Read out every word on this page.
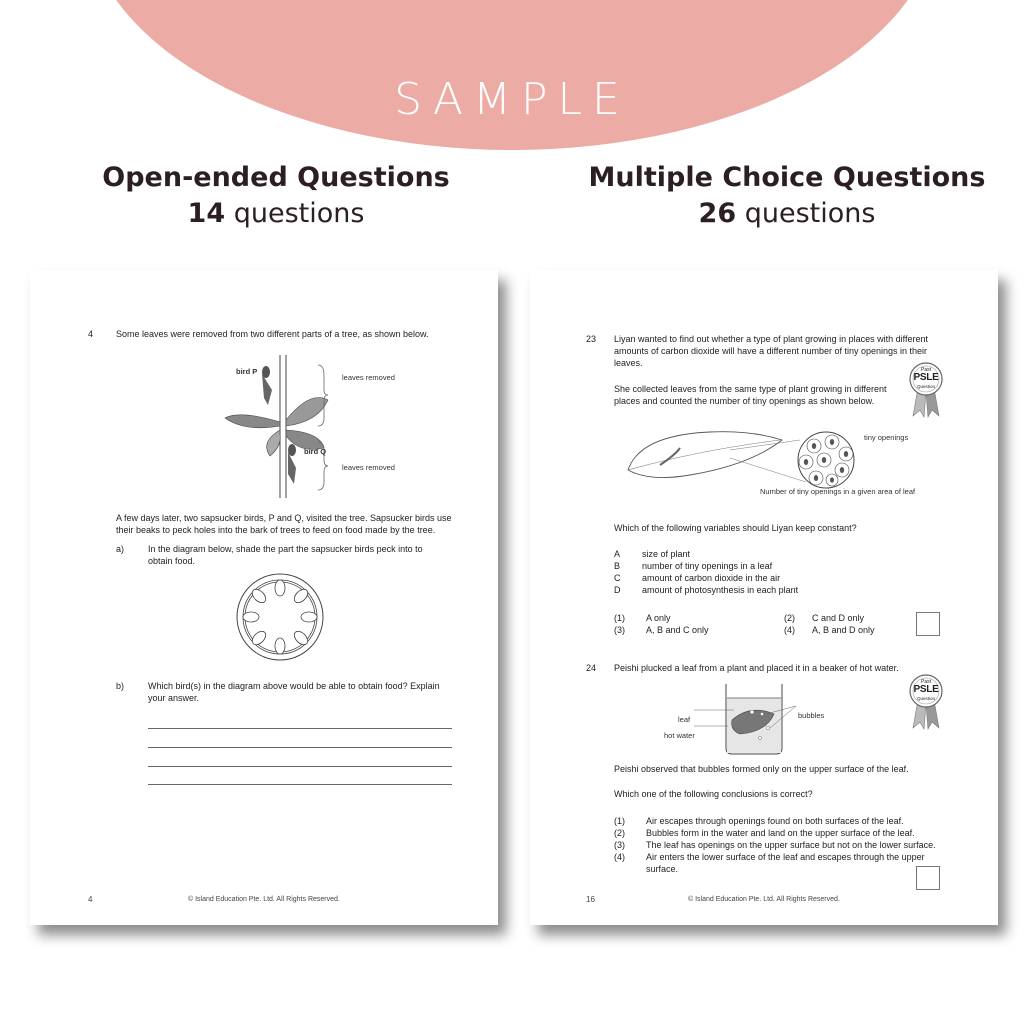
SAMPLE
Open-ended Questions
14 questions
Multiple Choice Questions
26 questions
4	Some leaves were removed from two different parts of a tree, as shown below.
bird P
bird Q
leaves removed
leaves removed
A few days later, two sapsucker birds, P and Q, visited the tree. Sapsucker birds use
their beaks to peck holes into the bark of trees to feed on food made by the tree.
a)	In the diagram below, shade the part the sapsucker birds peck into to
obtain food.
b)	Which bird(s) in the diagram above would be able to obtain food? Explain
your answer.
4	© Island Education Pte. Ltd. All Rights Reserved.
23 Liyan wanted to find out whether a type of plant growing in places with different
amounts of carbon dioxide will have a different number of tiny openings in their
leaves.
She collected leaves from the same type of plant growing in different
places and counted the number of tiny openings as shown below.
Past
PSLE
Question
tiny openings
Number of tiny openings in a given area of leaf
Which of the following variables should Liyan keep constant?
A size of plant
B number of tiny openings in a leaf
C amount of carbon dioxide in the air
D amount of photosynthesis in each plant
(1) A only	(2) C and D only
(3) A, B and C only	(4) A, B and D only
24 Peishi plucked a leaf from a plant and placed it in a beaker of hot water.
Past
PSLE
Question
leaf
hot water
bubbles
Peishi observed that bubbles formed only on the upper surface of the leaf.
Which one of the following conclusions is correct?
(1) Air escapes through openings found on both surfaces of the leaf.
(2) Bubbles form in the water and land on the upper surface of the leaf.
(3) The leaf has openings on the upper surface but not on the lower surface.
(4) Air enters the lower surface of the leaf and escapes through the upper
surface.
16	© Island Education Pte. Ltd. All Rights Reserved.
